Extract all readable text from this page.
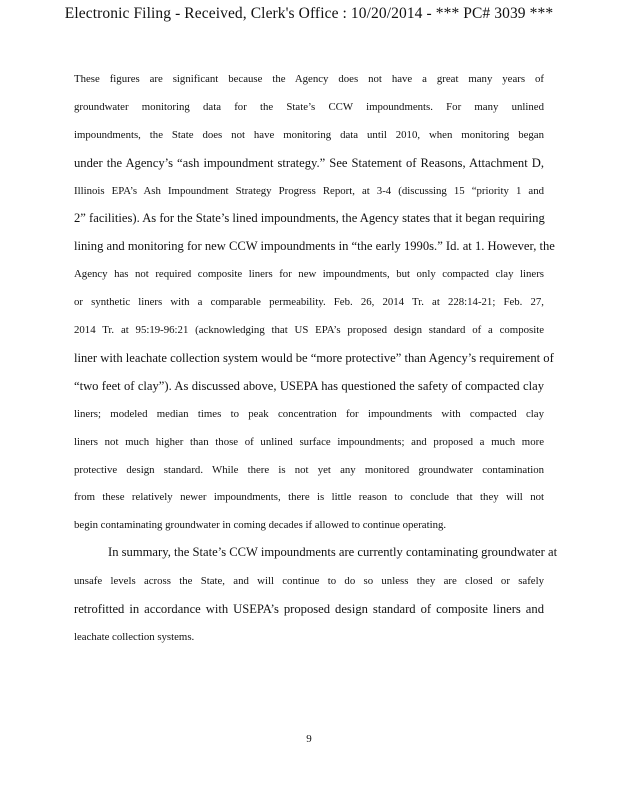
Electronic Filing - Received, Clerk's Office : 10/20/2014 - *** PC# 3039 ***
These figures are significant because the Agency does not have a great many years of
groundwater monitoring data for the State’s CCW impoundments. For many unlined
impoundments, the State does not have monitoring data until 2010, when monitoring began
under the Agency’s “ash impoundment strategy.” See Statement of Reasons, Attachment D,
Illinois EPA’s Ash Impoundment Strategy Progress Report, at 3-4 (discussing 15 “priority 1 and
2” facilities). As for the State’s lined impoundments, the Agency states that it began requiring
lining and monitoring for new CCW impoundments in “the early 1990s.” Id. at 1. However, the
Agency has not required composite liners for new impoundments, but only compacted clay liners
or synthetic liners with a comparable permeability. Feb. 26, 2014 Tr. at 228:14-21; Feb. 27,
2014 Tr. at 95:19-96:21 (acknowledging that US EPA’s proposed design standard of a composite
liner with leachate collection system would be “more protective” than Agency’s requirement of
“two feet of clay”). As discussed above, USEPA has questioned the safety of compacted clay
liners; modeled median times to peak concentration for impoundments with compacted clay
liners not much higher than those of unlined surface impoundments; and proposed a much more
protective design standard. While there is not yet any monitored groundwater contamination
from these relatively newer impoundments, there is little reason to conclude that they will not
begin contaminating groundwater in coming decades if allowed to continue operating.
In summary, the State’s CCW impoundments are currently contaminating groundwater at
unsafe levels across the State, and will continue to do so unless they are closed or safely
retrofitted in accordance with USEPA’s proposed design standard of composite liners and
leachate collection systems.
9
